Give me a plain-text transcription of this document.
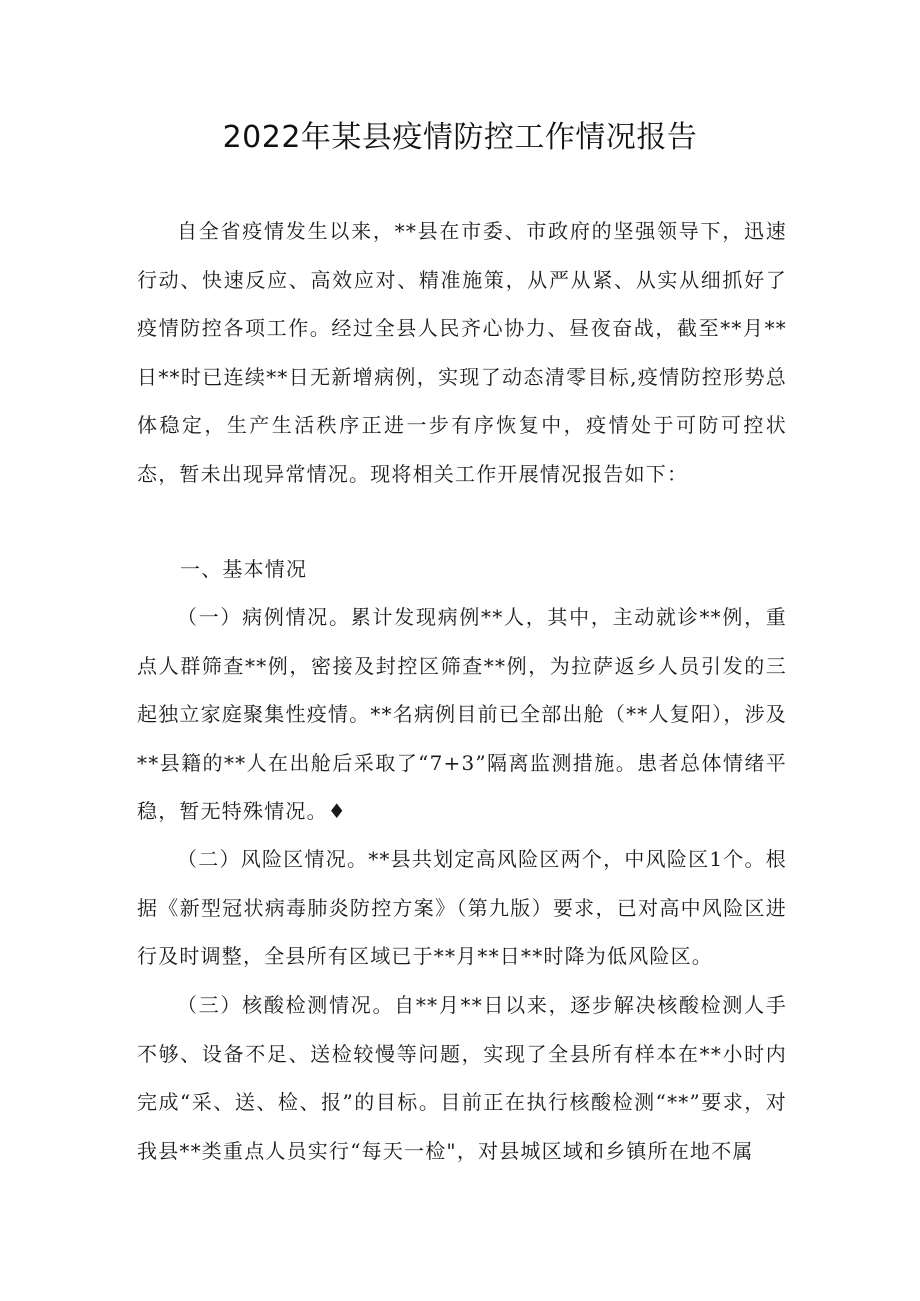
2022年某县疫情防控工作情况报告

自全省疫情发生以来，**县在市委、市政府的坚强领导下，迅速行动、快速反应、高效应对、精准施策，从严从紧、从实从细抓好了疫情防控各项工作。经过全县人民齐心协力、昼夜奋战，截至**月**日**时已连续**日无新增病例，实现了动态清零目标,疫情防控形势总体稳定，生产生活秩序正进一步有序恢复中，疫情处于可防可控状态，暂未出现异常情况。现将相关工作开展情况报告如下：

一、基本情况

（一）病例情况。累计发现病例**人，其中，主动就诊**例，重点人群筛查**例，密接及封控区筛查**例，为拉萨返乡人员引发的三起独立家庭聚集性疫情。**名病例目前已全部出舱（**人复阳），涉及**县籍的**人在出舱后采取了“7+3”隔离监测措施。患者总体情绪平稳，暂无特殊情况。♦

（二）风险区情况。**县共划定高风险区两个，中风险区1个。根据《新型冠状病毒肺炎防控方案》（第九版）要求，已对高中风险区进行及时调整，全县所有区域已于**月**日**时降为低风险区。

（三）核酸检测情况。自**月**日以来，逐步解决核酸检测人手不够、设备不足、送检较慢等问题，实现了全县所有样本在**小时内完成“采、送、检、报”的目标。目前正在执行核酸检测“**”要求，对我县**类重点人员实行“每天一检"，对县城区域和乡镇所在地不属
